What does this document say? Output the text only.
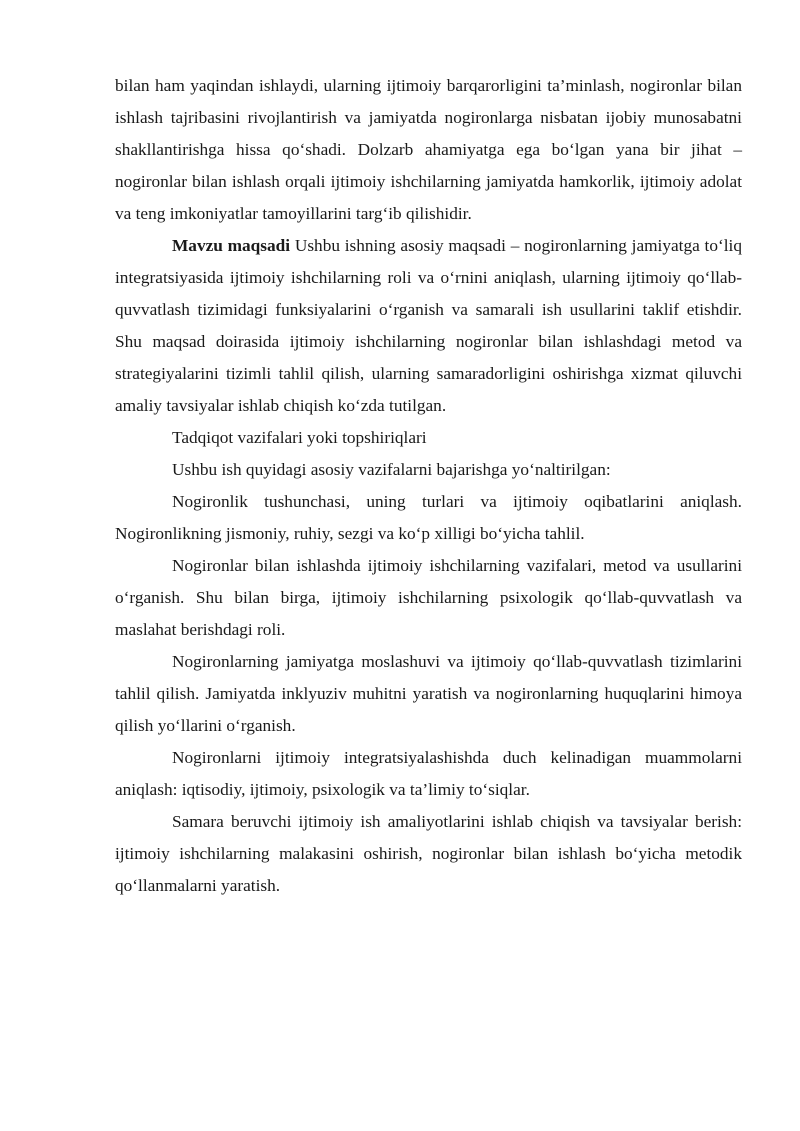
bilan ham yaqindan ishlaydi, ularning ijtimoiy barqarorligini ta’minlash, nogironlar bilan ishlash tajribasini rivojlantirish va jamiyatda nogironlarga nisbatan ijobiy munosabatni shakllantirishga hissa qo‘shadi. Dolzarb ahamiyatga ega bo‘lgan yana bir jihat – nogironlar bilan ishlash orqali ijtimoiy ishchilarning jamiyatda hamkorlik, ijtimoiy adolat va teng imkoniyatlar tamoyillarini targ‘ib qilishidir.

Mavzu maqsadi Ushbu ishning asosiy maqsadi – nogironlarning jamiyatga to‘liq integratsiyasida ijtimoiy ishchilarning roli va o‘rnini aniqlash, ularning ijtimoiy qo‘llab-quvvatlash tizimidagi funksiyalarini o‘rganish va samarali ish usullarini taklif etishdir. Shu maqsad doirasida ijtimoiy ishchilarning nogironlar bilan ishlashdagi metod va strategiyalarini tizimli tahlil qilish, ularning samaradorligini oshirishga xizmat qiluvchi amaliy tavsiyalar ishlab chiqish ko‘zda tutilgan.

Tadqiqot vazifalari yoki topshiriqlari

Ushbu ish quyidagi asosiy vazifalarni bajarishga yo‘naltirilgan:

Nogironlik tushunchasi, uning turlari va ijtimoiy oqibatlarini aniqlash. Nogironlikning jismoniy, ruhiy, sezgi va ko‘p xilligi bo‘yicha tahlil.

Nogironlar bilan ishlashda ijtimoiy ishchilarning vazifalari, metod va usullarini o‘rganish. Shu bilan birga, ijtimoiy ishchilarning psixologik qo‘llab-quvvatlash va maslahat berishdagi roli.

Nogironlarning jamiyatga moslashuvi va ijtimoiy qo‘llab-quvvatlash tizimlarini tahlil qilish. Jamiyatda inklyuziv muhitni yaratish va nogironlarning huquqlarini himoya qilish yo‘llarini o‘rganish.

Nogironlarni ijtimoiy integratsiyalashishda duch kelinadigan muammolarni aniqlash: iqtisodiy, ijtimoiy, psixologik va ta’limiy to‘siqlar.

Samara beruvchi ijtimoiy ish amaliyotlarini ishlab chiqish va tavsiyalar berish: ijtimoiy ishchilarning malakasini oshirish, nogironlar bilan ishlash bo‘yicha metodik qo‘llanmalarni yaratish.
